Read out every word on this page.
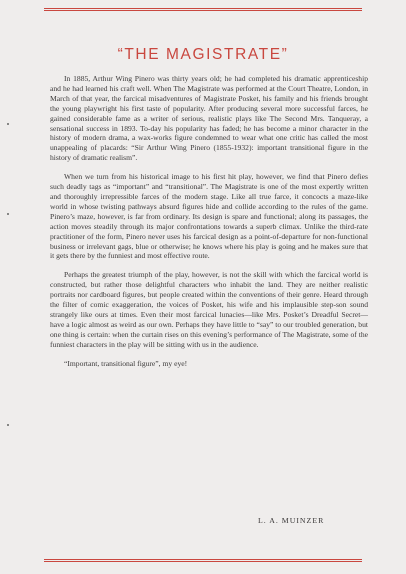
“THE MAGISTRATE”

In 1885, Arthur Wing Pinero was thirty years old; he had completed his dramatic apprenticeship and he had learned his craft well. When The Magistrate was performed at the Court Theatre, London, in March of that year, the farcical misadventures of Magistrate Posket, his family and his friends brought the young playwright his first taste of popularity. After producing several more successful farces, he gained considerable fame as a writer of serious, realistic plays like The Second Mrs. Tanqueray, a sensational success in 1893. To-day his popularity has faded; he has become a minor character in the history of modern drama, a wax-works figure condemned to wear what one critic has called the most unappealing of placards: “Sir Arthur Wing Pinero (1855-1932): important transitional figure in the history of dramatic realism”.

When we turn from his historical image to his first hit play, however, we find that Pinero defies such deadly tags as “important” and “transitional”. The Magistrate is one of the most expertly written and thoroughly irrepressible farces of the modern stage. Like all true farce, it concocts a maze-like world in whose twisting pathways absurd figures hide and collide according to the rules of the game. Pinero’s maze, however, is far from ordinary. Its design is spare and functional; along its passages, the action moves steadily through its major confrontations towards a superb climax. Unlike the third-rate practitioner of the form, Pinero never uses his farcical design as a point-of-departure for non-functional business or irrelevant gags, blue or otherwise; he knows where his play is going and he makes sure that it gets there by the funniest and most effective route.

Perhaps the greatest triumph of the play, however, is not the skill with which the farcical world is constructed, but rather those delightful characters who inhabit the land. They are neither realistic portraits nor cardboard figures, but people created within the conventions of their genre. Heard through the filter of comic exaggeration, the voices of Posket, his wife and his implausible step-son sound strangely like ours at times. Even their most farcical lunacies—like Mrs. Posket’s Dreadful Secret—have a logic almost as weird as our own. Perhaps they have little to “say” to our troubled generation, but one thing is certain: when the curtain rises on this evening’s performance of The Magistrate, some of the funniest characters in the play will be sitting with us in the audience.

“Important, transitional figure”, my eye!

L. A. MUINZER
